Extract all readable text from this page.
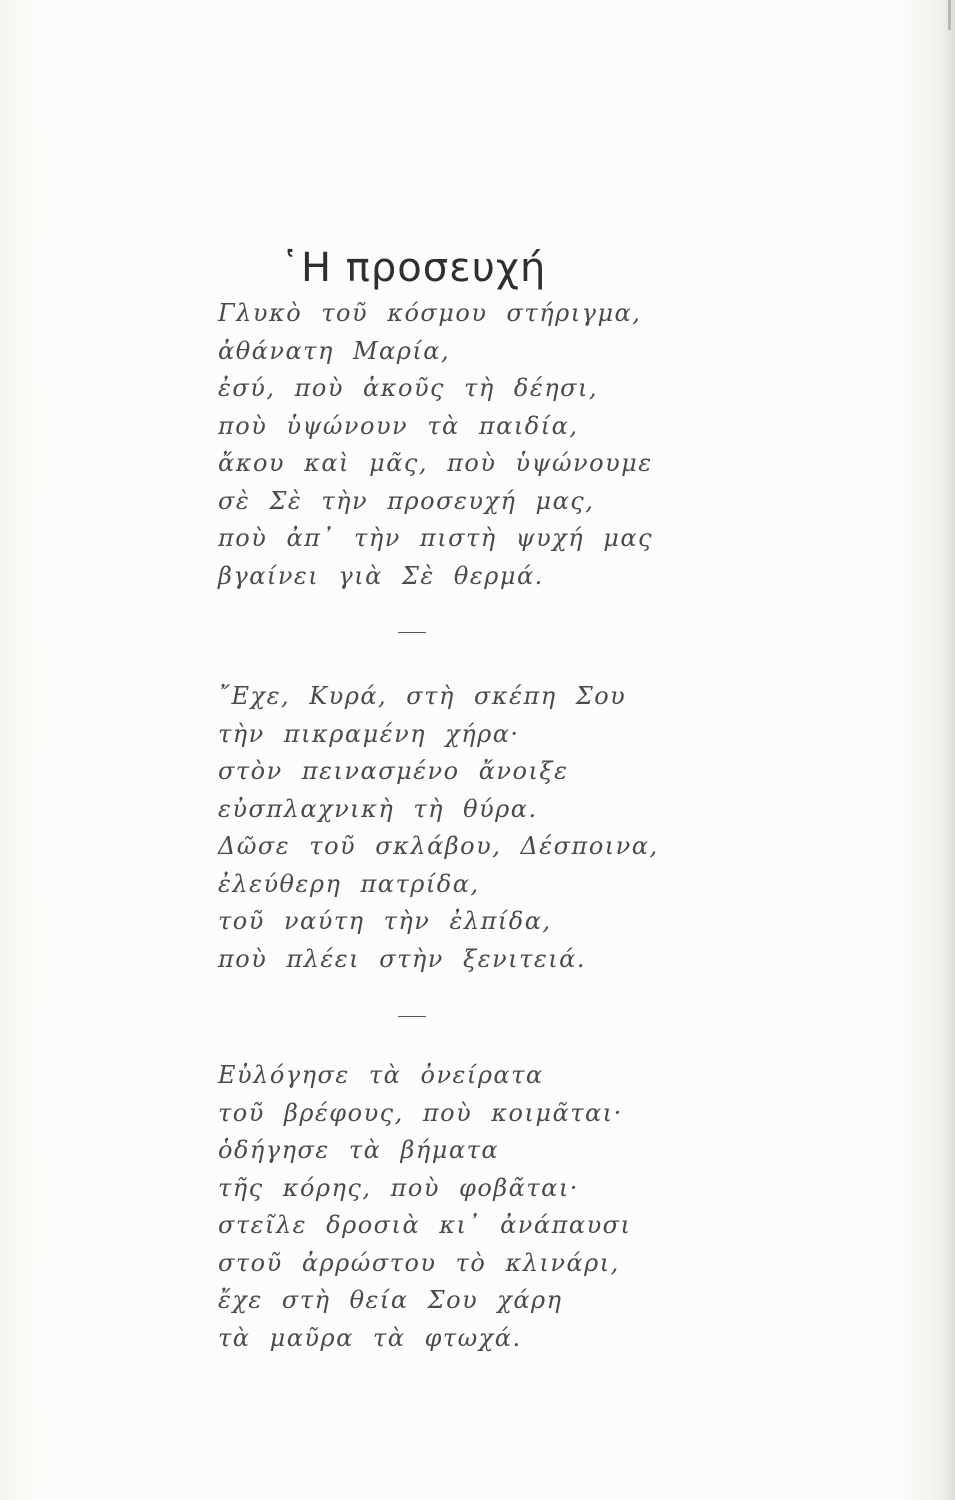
῾Η προσευχή
Γλυκὸ τοῦ κόσμου στήριγμα,
ἀθάνατη Μαρία,
ἐσύ, ποὺ ἀκοῦς τὴ δέησι,
ποὺ ὑψώνουν τὰ παιδία,
ἄκου καὶ μᾶς, ποὺ ὑψώνουμε
σὲ Σὲ τὴν προσευχή μας,
ποὺ ἀπ᾽ τὴν πιστὴ ψυχή μας
βγαίνει γιὰ Σὲ θερμά.
῎Εχε, Κυρά, στὴ σκέπη Σου
τὴν πικραμένη χήρα·
στὸν πεινασμένο ἄνοιξε
εὐσπλαχνικὴ τὴ θύρα.
Δῶσε τοῦ σκλάβου, Δέσποινα,
ἐλεύθερη πατρίδα,
τοῦ ναύτη τὴν ἐλπίδα,
ποὺ πλέει στὴν ξενιτειά.
Εὐλόγησε τὰ ὀνείρατα
τοῦ βρέφους, ποὺ κοιμᾶται·
ὁδήγησε τὰ βήματα
τῆς κόρης, ποὺ φοβᾶται·
στεῖλε δροσιὰ κι᾽ ἀνάπαυσι
στοῦ ἀρρώστου τὸ κλινάρι,
ἔχε στὴ θεία Σου χάρη
τὰ μαῦρα τὰ φτωχά.
